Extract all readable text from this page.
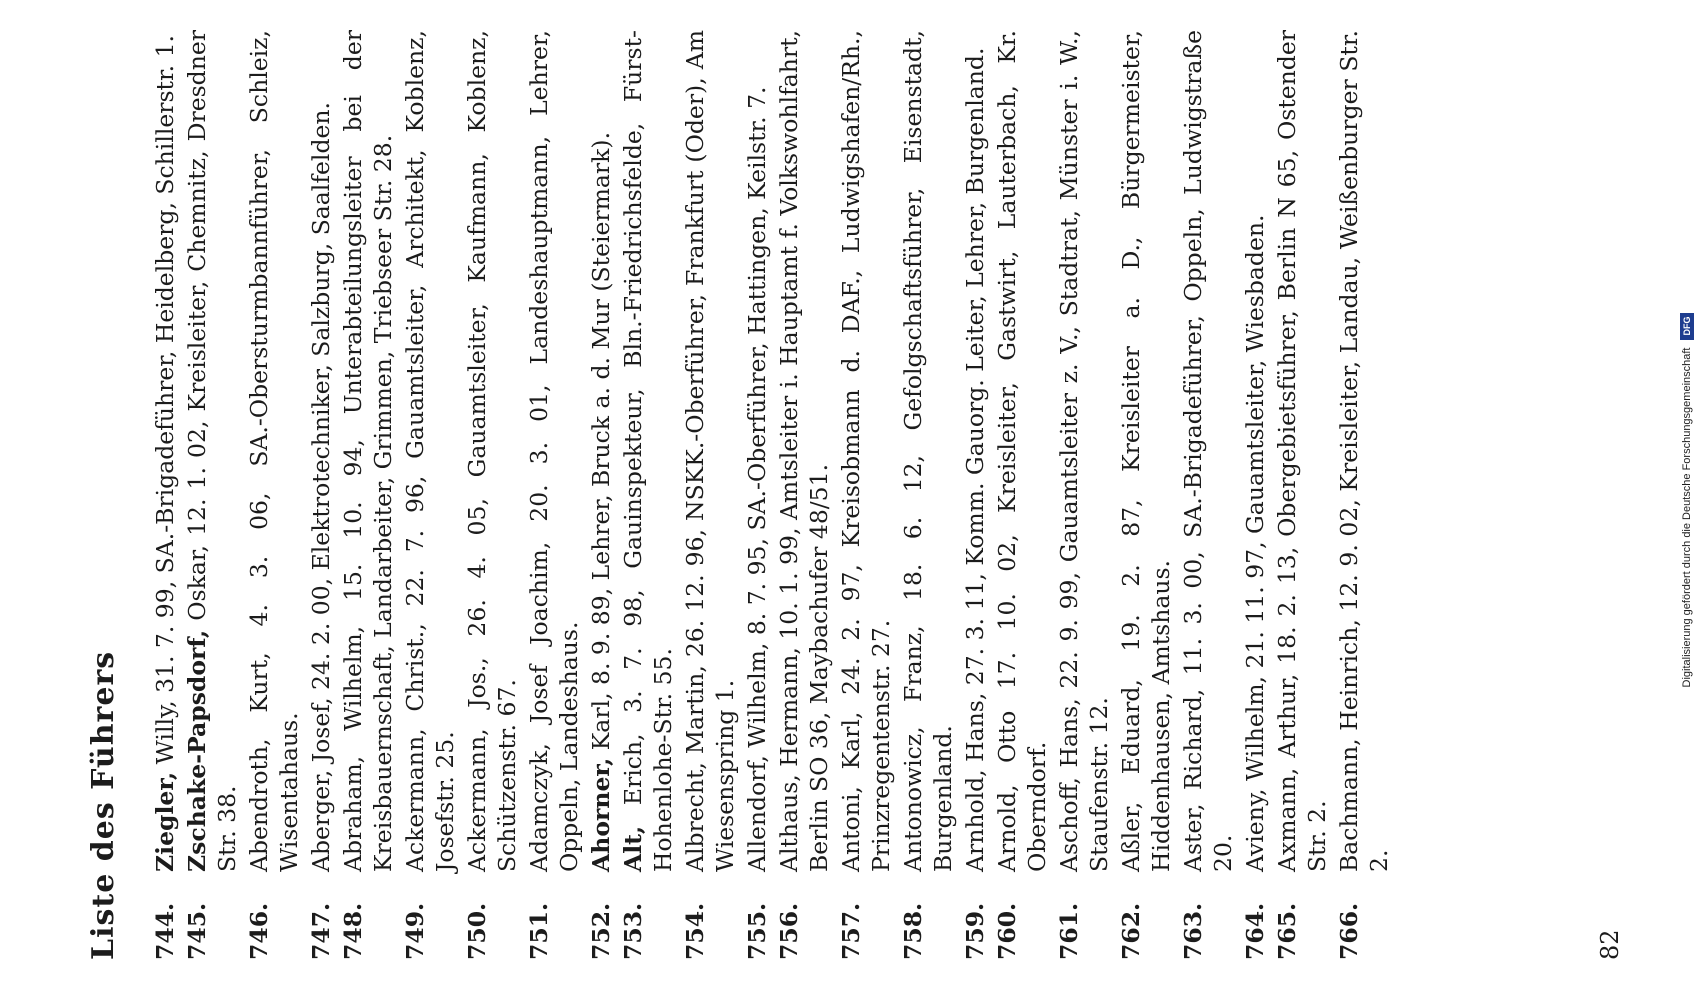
Liste des Führers 744.
Ziegler, Willy, 31. 7. 99, SA.-Brigadeführer, Heidelberg, Schillerstr. 1.
745.
Zschake-Papsdorf, Oskar, 12. 1. 02, Kreisleiter, Chemnitz, Dresdner Str. 38.
746.
Abendroth, Kurt, 4. 3. 06, SA.-Obersturmbannführer, Schleiz, Wisentahaus.
747.
Aberger, Josef, 24. 2. 00, Elektrotechniker, Salzburg, Saalfelden.
748.
Abraham, Wilhelm, 15. 10. 94, Unterabteilungsleiter bei der Kreisbauernschaft, Landarbeiter, Grimmen, Triebseer Str. 28.
749.
Ackermann, Christ., 22. 7. 96, Gauamtsleiter, Architekt, Koblenz, Josefstr. 25.
750.
Ackermann, Jos., 26. 4. 05, Gauamtsleiter, Kaufmann, Koblenz, Schützenstr. 67.
751.
Adamczyk, Josef Joachim, 20. 3. 01, Landeshauptmann, Lehrer, Oppeln, Landeshaus.
752.
Ahorner, Karl, 8. 9. 89, Lehrer, Bruck a. d. Mur (Steiermark).
753.
Alt, Erich, 3. 7. 98, Gauinspekteur, Bln.-Friedrichsfelde, Fürst-Hohenlohe-Str. 55.
754.
Albrecht, Martin, 26. 12. 96, NSKK.-Oberführer, Frankfurt (Oder), Am Wiesenspring 1.
755.
Allendorf, Wilhelm, 8. 7. 95, SA.-Oberführer, Hattingen, Keilstr. 7.
756.
Althaus, Hermann, 10. 1. 99, Amtsleiter i. Hauptamt f. Volkswohlfahrt, Berlin SO 36, Maybachufer 48/51.
757.
Antoni, Karl, 24. 2. 97, Kreisobmann d. DAF., Ludwigshafen/Rh., Prinzregentenstr. 27.
758.
Antonowicz, Franz, 18. 6. 12, Gefolgschaftsführer, Eisenstadt, Burgenland.
759.
Arnhold, Hans, 27. 3. 11, Komm. Gauorg. Leiter, Lehrer, Burgenland.
760.
Arnold, Otto 17. 10. 02, Kreisleiter, Gastwirt, Lauterbach, Kr. Oberndorf.
761.
Aschoff, Hans, 22. 9. 99, Gauamtsleiter z. V., Stadtrat, Münster i. W., Staufenstr. 12.
762.
Aßler, Eduard, 19. 2. 87, Kreisleiter a. D., Bürgermeister, Hiddenhausen, Amtshaus.
763.
Aster, Richard, 11. 3. 00, SA.-Brigadeführer, Oppeln, Ludwigstraße 20.
764.
Avieny, Wilhelm, 21. 11. 97, Gauamtsleiter, Wiesbaden.
765.
Axmann, Arthur, 18. 2. 13, Obergebietsführer, Berlin N 65, Ostender Str. 2.
766.
Bachmann, Heinrich, 12. 9. 02, Kreisleiter, Landau, Weißenburger Str. 2.
82
Digitalisierung gefördert durch die Deutsche Forschungsgemeinschaft
DFG
